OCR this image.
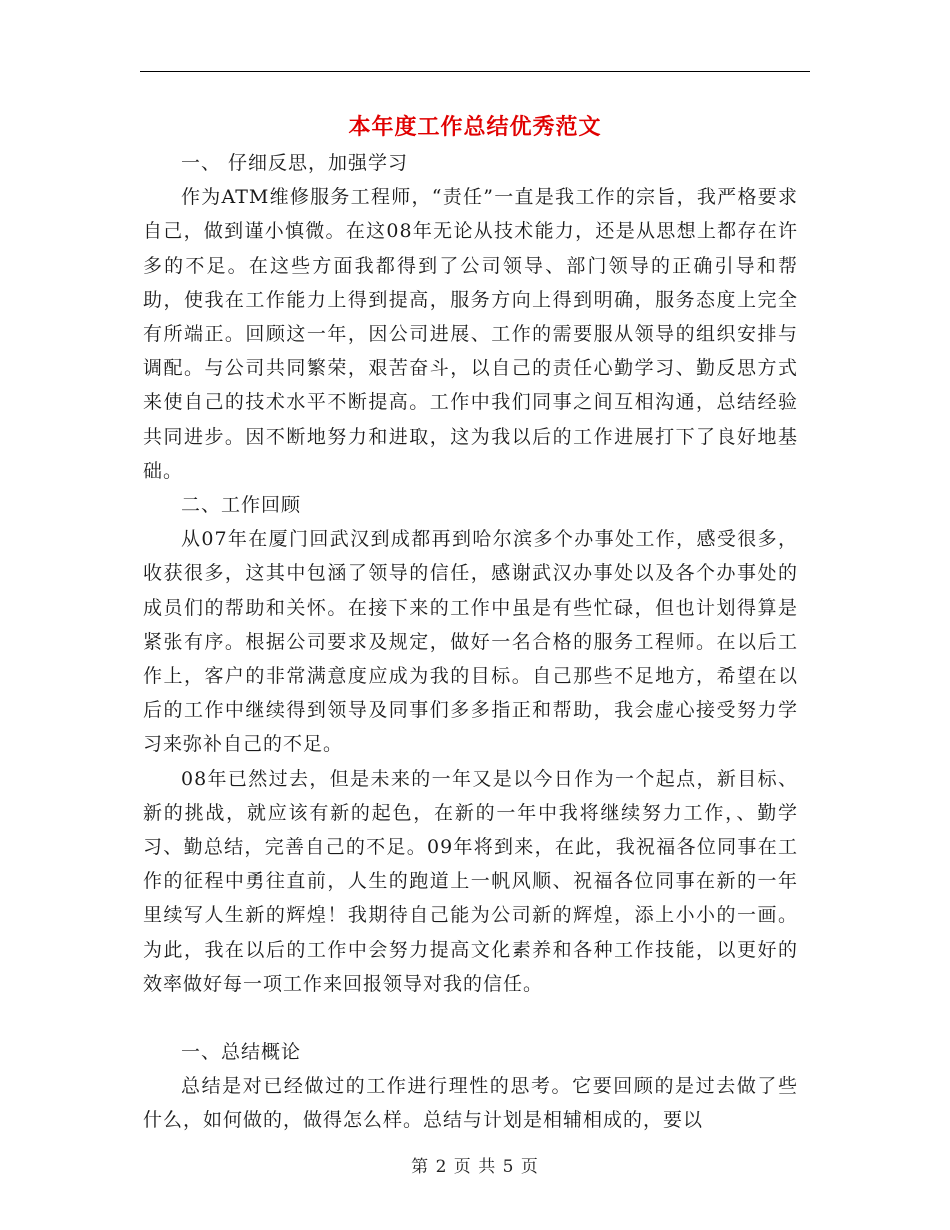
本年度工作总结优秀范文

一、 仔细反思，加强学习

作为ATM维修服务工程师，“责任”一直是我工作的宗旨，我严格要求自己，做到谨小慎微。在这08年无论从技术能力，还是从思想上都存在许多的不足。在这些方面我都得到了公司领导、部门领导的正确引导和帮助，使我在工作能力上得到提高，服务方向上得到明确，服务态度上完全有所端正。回顾这一年，因公司进展、工作的需要服从领导的组织安排与调配。与公司共同繁荣，艰苦奋斗，以自己的责任心勤学习、勤反思方式来使自己的技术水平不断提高。工作中我们同事之间互相沟通，总结经验共同进步。因不断地努力和进取，这为我以后的工作进展打下了良好地基础。

二、工作回顾

从07年在厦门回武汉到成都再到哈尔滨多个办事处工作，感受很多，收获很多，这其中包涵了领导的信任，感谢武汉办事处以及各个办事处的成员们的帮助和关怀。在接下来的工作中虽是有些忙碌，但也计划得算是紧张有序。根据公司要求及规定，做好一名合格的服务工程师。在以后工作上，客户的非常满意度应成为我的目标。自己那些不足地方，希望在以后的工作中继续得到领导及同事们多多指正和帮助，我会虚心接受努力学习来弥补自己的不足。

08年已然过去，但是未来的一年又是以今日作为一个起点，新目标、新的挑战，就应该有新的起色，在新的一年中我将继续努力工作，、勤学习、勤总结，完善自己的不足。09年将到来，在此，我祝福各位同事在工作的征程中勇往直前，人生的跑道上一帆风顺、祝福各位同事在新的一年里续写人生新的辉煌！我期待自己能为公司新的辉煌，添上小小的一画。为此，我在以后的工作中会努力提高文化素养和各种工作技能，以更好的效率做好每一项工作来回报领导对我的信任。

一、总结概论

总结是对已经做过的工作进行理性的思考。它要回顾的是过去做了些什么，如何做的，做得怎么样。总结与计划是相辅相成的，要以

第 2 页 共 5 页
